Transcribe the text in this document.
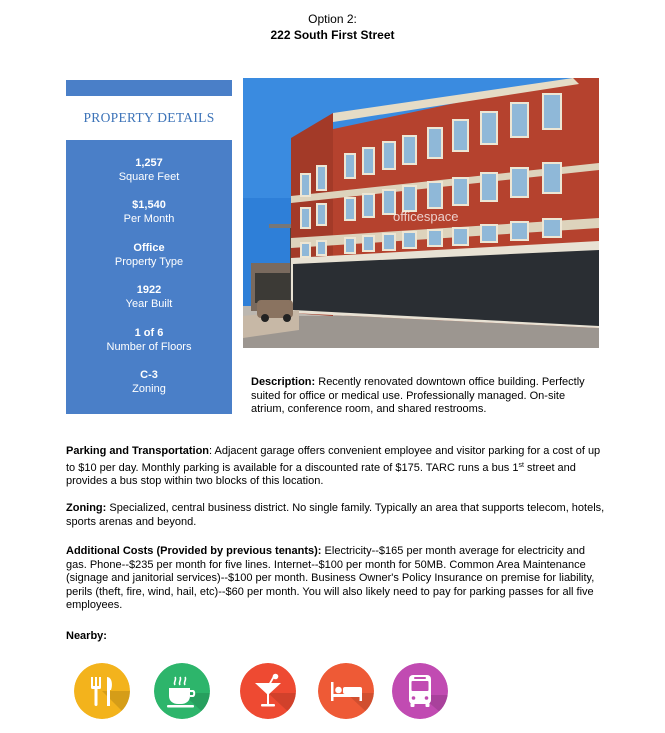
Option 2:
222 South First Street
PROPERTY DETAILS
1,257
Square Feet
$1,540
Per Month
Office
Property Type
1922
Year Built
1 of 6
Number of Floors
C-3
Zoning
officespace
Description: Recently renovated downtown office building. Perfectly suited for office or medical use. Professionally managed. On-site atrium, conference room, and shared restrooms.
Parking and Transportation: Adjacent garage offers convenient employee and visitor parking for a cost of up to $10 per day. Monthly parking is available for a discounted rate of $175. TARC runs a bus 1st street and provides a bus stop within two blocks of this location.
Zoning: Specialized, central business district. No single family. Typically an area that supports telecom, hotels, sports arenas and beyond.
Additional Costs (Provided by previous tenants): Electricity--$165 per month average for electricity and gas. Phone--$235 per month for five lines. Internet--$100 per month for 50MB. Common Area Maintenance (signage and janitorial services)--$100 per month. Business Owner's Policy Insurance on premise for liability, perils (theft, fire, wind, hail, etc)--$60 per month. You will also likely need to pay for parking passes for all five employees.
Nearby:
